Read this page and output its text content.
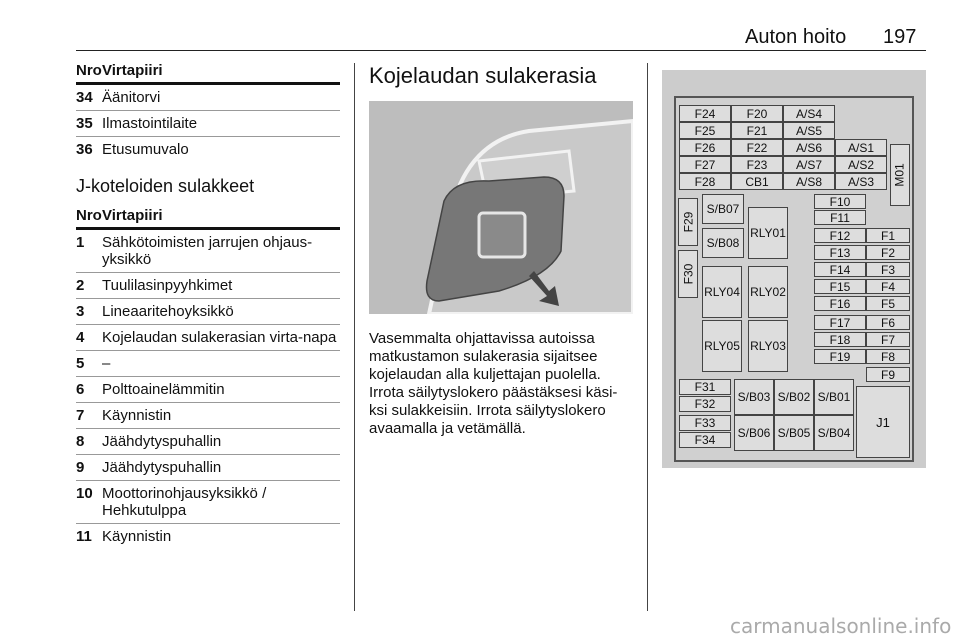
Auton hoito 197
Nro Virtapiiri
34 Äänitorvi
35 Ilmastointilaite
36 Etusumuvalo
J-koteloiden sulakkeet
Nro Virtapiiri
1	Sähkötoimisten jarrujen ohjaus-yksikkö
2	Tuulilasinpyyhkimet
3	Lineaaritehoyksikkö
4	Kojelaudan sulakerasian virta-napa
5	–
6	Polttoainelämmitin
7	Käynnistin
8	Jäähdytyspuhallin
9	Jäähdytyspuhallin
10 Moottorinohjausyksikkö / Hehkutulppa
11 Käynnistin
Kojelaudan sulakerasia
Vasemmalta ohjattavissa autoissa matkustamon sulakerasia sijaitsee kojelaudan alla kuljettajan puolella. Irrota säilytyslokero päästäksesi käsi-ksi sulakkeisiin. Irrota säilytyslokero avaamalla ja vetämällä.
F24	F20	A/S4
F25	F21	A/S5
F26	F22	A/S6	A/S1
F27	F23	A/S7	A/S2
F28	CB1	A/S8	A/S3	M01
F29
F30
S/B07
S/B08
RLY01
F10
F11
F12	F1
F13	F2
RLY04 RLY02
F14	F3
F15	F4
F16	F5
RLY05 RLY03
F17	F6
F18	F7
F19	F8
F9
F31
F32
F33
F34
S/B03 S/B02 S/B01
S/B06 S/B05 S/B04
J1
carmanualsonline.info
